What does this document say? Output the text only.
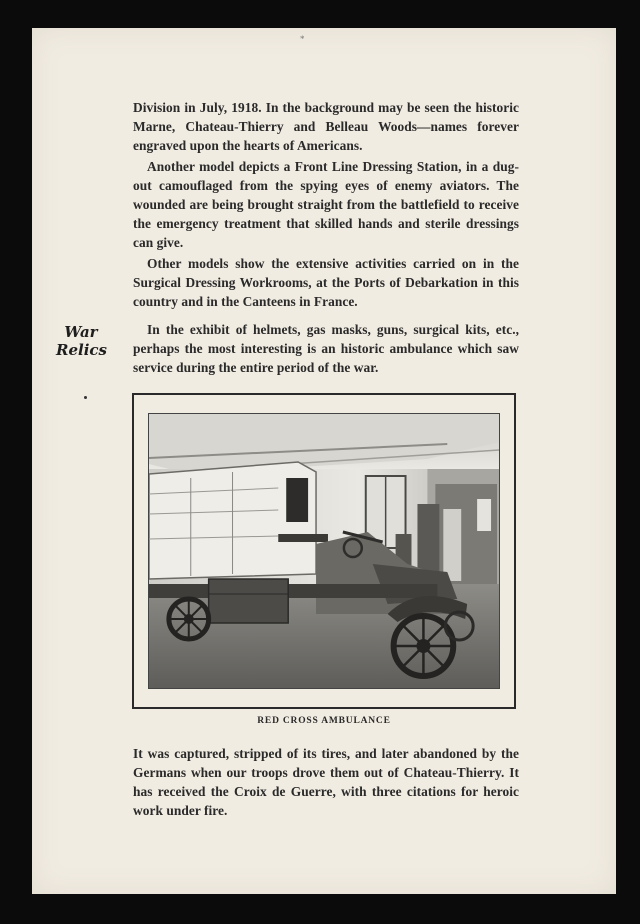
*

Division in July, 1918. In the background may be seen the historic Marne, Chateau-Thierry and Belleau Woods—names forever engraved upon the hearts of Americans.

Another model depicts a Front Line Dressing Station, in a dug-out camouflaged from the spying eyes of enemy aviators. The wounded are being brought straight from the battlefield to receive the emergency treatment that skilled hands and sterile dressings can give.

Other models show the extensive activities carried on in the Surgical Dressing Workrooms, at the Ports of Debarkation in this country and in the Canteens in France.

War
Relics

In the exhibit of helmets, gas masks, guns, surgical kits, etc., perhaps the most interesting is an historic ambulance which saw service during the entire period of the war.

RED CROSS AMBULANCE

It was captured, stripped of its tires, and later abandoned by the Germans when our troops drove them out of Chateau-Thierry. It has received the Croix de Guerre, with three citations for heroic work under fire.
